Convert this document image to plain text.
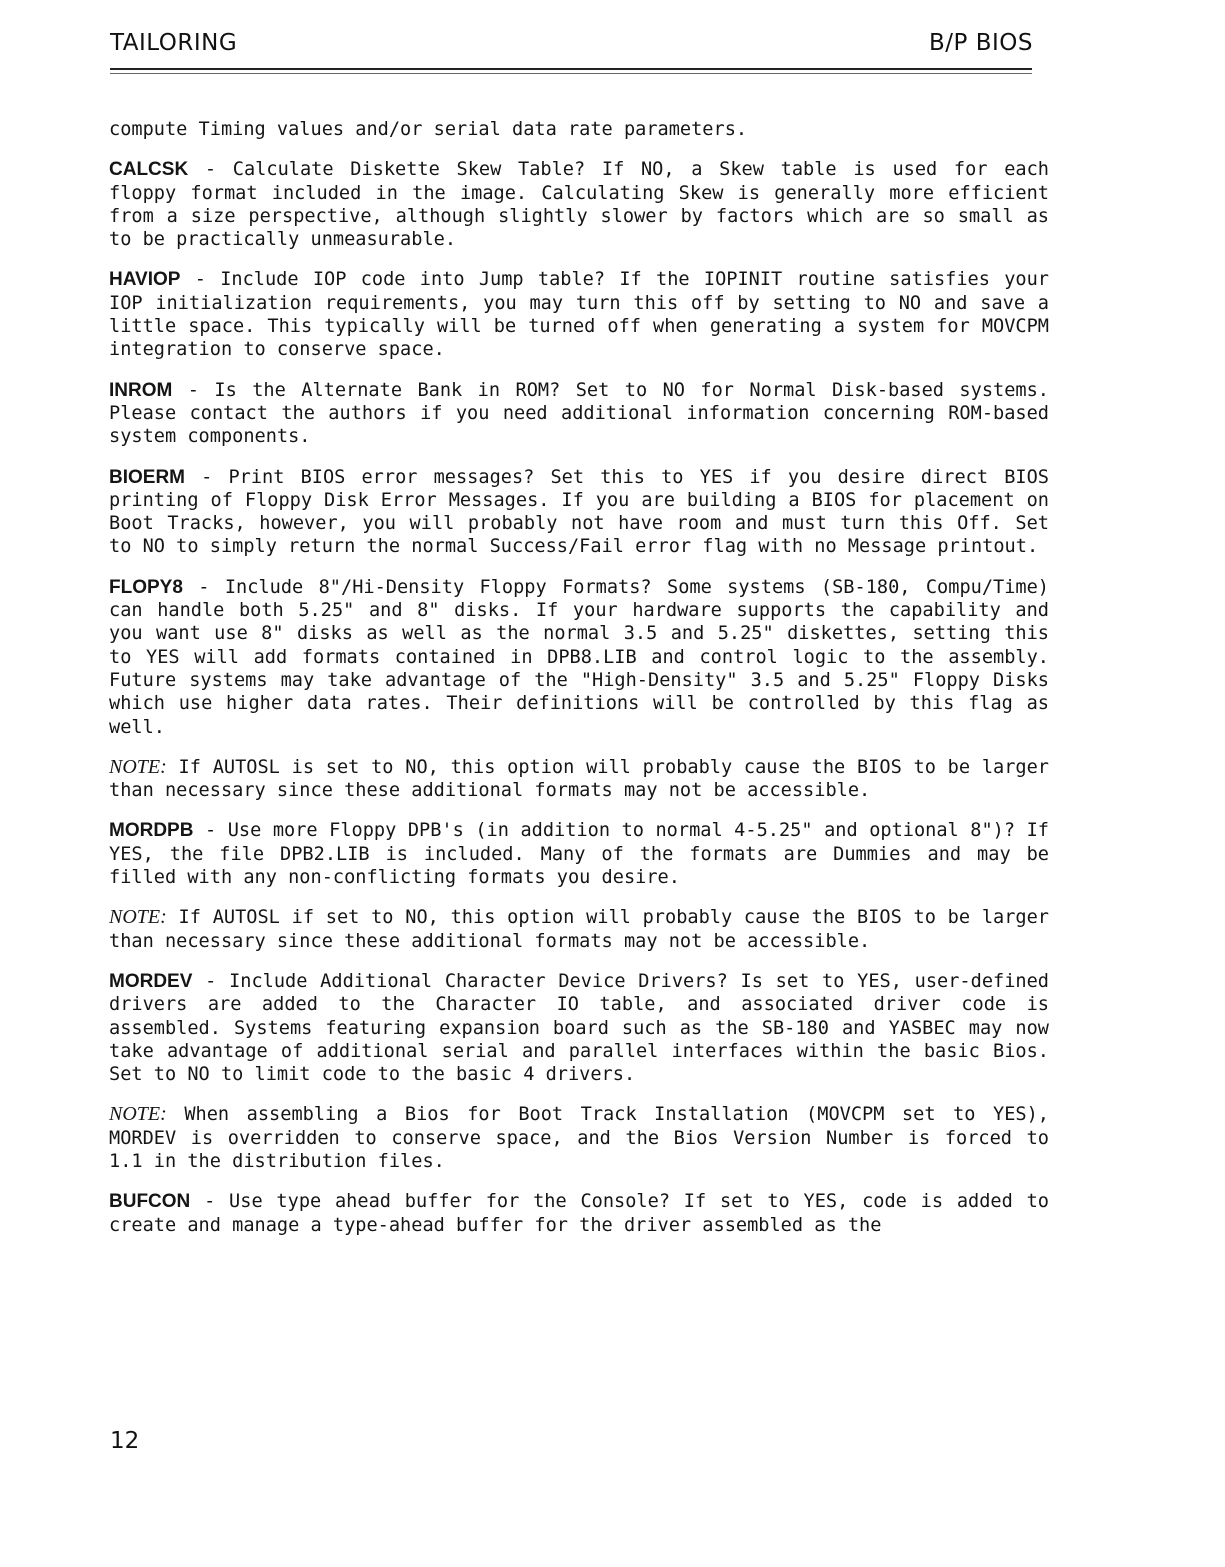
TAILORING	B/P BIOS

compute Timing values and/or serial data rate parameters.

CALCSK - Calculate Diskette Skew Table? If NO, a Skew table is used for each floppy format included in the image. Calculating Skew is generally more efficient from a size perspective, although slightly slower by factors which are so small as to be practically unmeasurable.

HAVIOP - Include IOP code into Jump table? If the IOPINIT routine satisfies your IOP initialization requirements, you may turn this off by setting to NO and save a little space. This typically will be turned off when generating a system for MOVCPM integration to conserve space.

INROM - Is the Alternate Bank in ROM? Set to NO for Normal Disk-based systems. Please contact the authors if you need additional information concerning ROM-based system components.

BIOERM - Print BIOS error messages? Set this to YES if you desire direct BIOS printing of Floppy Disk Error Messages. If you are building a BIOS for placement on Boot Tracks, however, you will probably not have room and must turn this Off. Set to NO to simply return the normal Success/Fail error flag with no Message printout.

FLOPY8 - Include 8"/Hi-Density Floppy Formats? Some systems (SB-180, Compu/Time) can handle both 5.25" and 8" disks. If your hardware supports the capability and you want use 8" disks as well as the normal 3.5 and 5.25" diskettes, setting this to YES will add formats contained in DPB8.LIB and control logic to the assembly. Future systems may take advantage of the "High-Density" 3.5 and 5.25" Floppy Disks which use higher data rates. Their definitions will be controlled by this flag as well.

NOTE: If AUTOSL is set to NO, this option will probably cause the BIOS to be larger than necessary since these additional formats may not be accessible.

MORDPB - Use more Floppy DPB's (in addition to normal 4-5.25" and optional 8")? If YES, the file DPB2.LIB is included. Many of the formats are Dummies and may be filled with any non-conflicting formats you desire.

NOTE: If AUTOSL if set to NO, this option will probably cause the BIOS to be larger than necessary since these additional formats may not be accessible.

MORDEV - Include Additional Character Device Drivers? Is set to YES, user-defined drivers are added to the Character IO table, and associated driver code is assembled. Systems featuring expansion board such as the SB-180 and YASBEC may now take advantage of additional serial and parallel interfaces within the basic Bios. Set to NO to limit code to the basic 4 drivers.

NOTE: When assembling a Bios for Boot Track Installation (MOVCPM set to YES), MORDEV is overridden to conserve space, and the Bios Version Number is forced to 1.1 in the distribution files.

BUFCON - Use type ahead buffer for the Console? If set to YES, code is added to create and manage a type-ahead buffer for the driver assembled as the

12
